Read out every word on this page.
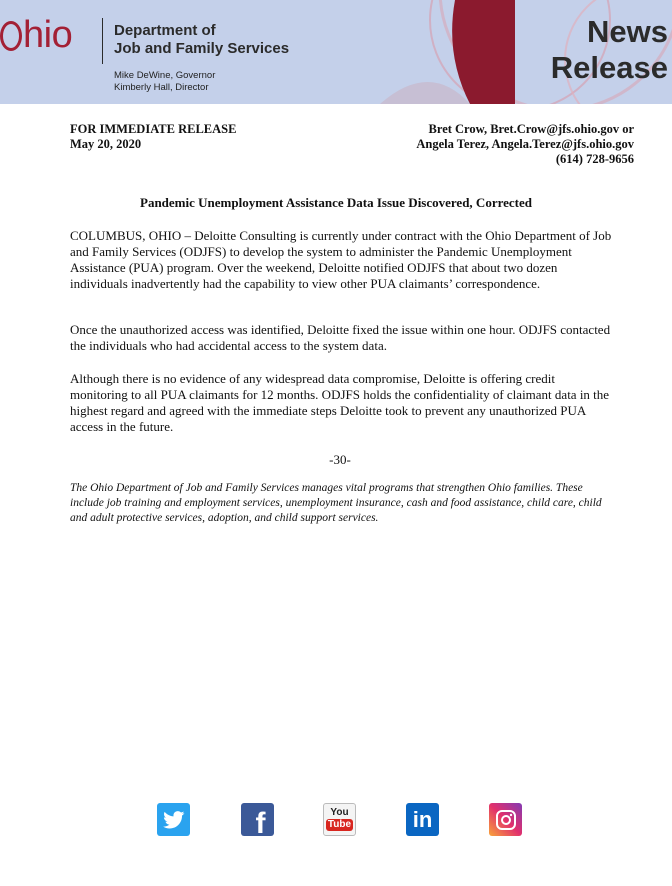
hio	Department of
Job and Family Services
Mike DeWine, Governor
Kimberly Hall, Director
News
Release
FOR IMMEDIATE RELEASE
May 20, 2020
Bret Crow, Bret.Crow@jfs.ohio.gov or
Angela Terez, Angela.Terez@jfs.ohio.gov
(614) 728-9656
Pandemic Unemployment Assistance Data Issue Discovered, Corrected

COLUMBUS, OHIO – Deloitte Consulting is currently under contract with the Ohio Department of Job and Family Services (ODJFS) to develop the system to administer the Pandemic Unemployment Assistance (PUA) program. Over the weekend, Deloitte notified ODJFS that about two dozen individuals inadvertently had the capability to view other PUA claimants’ correspondence.

Once the unauthorized access was identified, Deloitte fixed the issue within one hour. ODJFS contacted the individuals who had accidental access to the system data.

Although there is no evidence of any widespread data compromise, Deloitte is offering credit monitoring to all PUA claimants for 12 months. ODJFS holds the confidentiality of claimant data in the highest regard and agreed with the immediate steps Deloitte took to prevent any unauthorized PUA access in the future.

-30-
The Ohio Department of Job and Family Services manages vital programs that strengthen Ohio families. These include job training and employment services, unemployment insurance, cash and food assistance, child care, child and adult protective services, adoption, and child support services.
f	You
Tube	in
